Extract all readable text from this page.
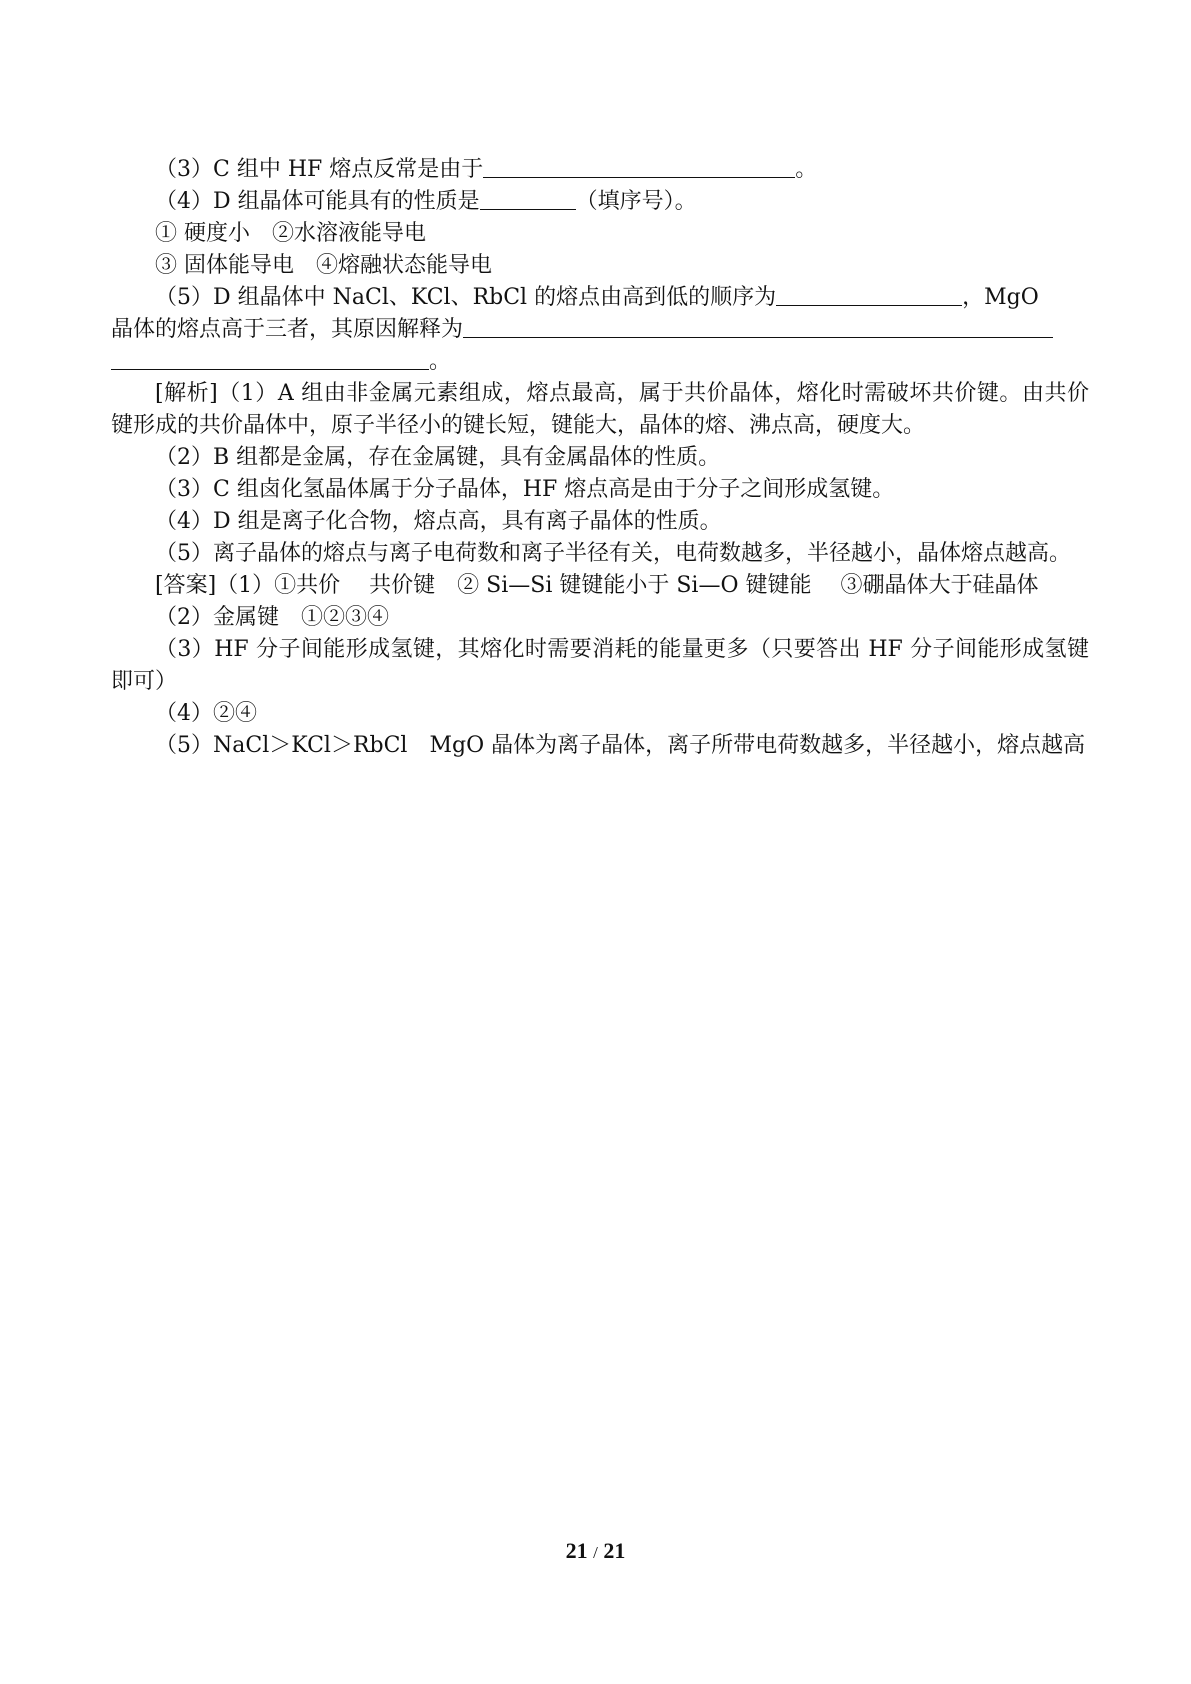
（3）C 组中 HF 熔点反常是由于	。

（4）D 组晶体可能具有的性质是	（填序号）。

① 硬度小　②水溶液能导电

③ 固体能导电　④熔融状态能导电

（5）D 组晶体中 NaCl、KCl、RbCl 的熔点由高到低的顺序为	，MgO

晶体的熔点高于三者，其原因解释为

。

[解析]（1）A 组由非金属元素组成，熔点最高，属于共价晶体，熔化时需破坏共价键。由共价键形成的共价晶体中，原子半径小的键长短，键能大，晶体的熔、沸点高，硬度大。

（2）B 组都是金属，存在金属键，具有金属晶体的性质。

（3）C 组卤化氢晶体属于分子晶体，HF 熔点高是由于分子之间形成氢键。

（4）D 组是离子化合物，熔点高，具有离子晶体的性质。

（5）离子晶体的熔点与离子电荷数和离子半径有关，电荷数越多，半径越小，晶体熔点越高。

[答案]（1）①共价　 共价键　② Si—Si 键键能小于 Si—O 键键能　 ③硼晶体大于硅晶体

（2）金属键　①②③④

（3）HF 分子间能形成氢键，其熔化时需要消耗的能量更多（只要答出 HF 分子间能形成氢键即可）

（4）②④

（5）NaCl＞KCl＞RbCl　MgO 晶体为离子晶体，离子所带电荷数越多，半径越小，熔点越高

21 / 21
